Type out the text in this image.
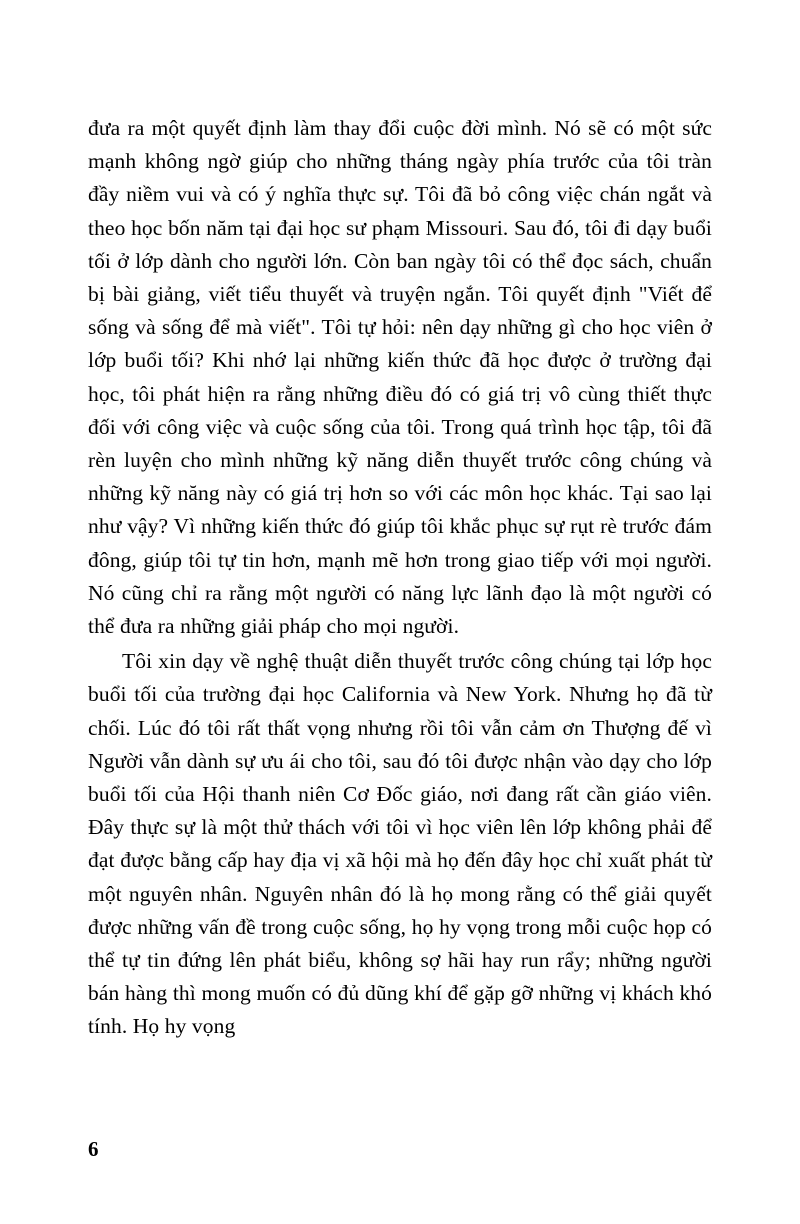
đưa ra một quyết định làm thay đổi cuộc đời mình. Nó sẽ có một sức mạnh không ngờ giúp cho những tháng ngày phía trước của tôi tràn đầy niềm vui và có ý nghĩa thực sự. Tôi đã bỏ công việc chán ngắt và theo học bốn năm tại đại học sư phạm Missouri. Sau đó, tôi đi dạy buổi tối ở lớp dành cho người lớn. Còn ban ngày tôi có thể đọc sách, chuẩn bị bài giảng, viết tiểu thuyết và truyện ngắn. Tôi quyết định "Viết để sống và sống để mà viết". Tôi tự hỏi: nên dạy những gì cho học viên ở lớp buổi tối? Khi nhớ lại những kiến thức đã học được ở trường đại học, tôi phát hiện ra rằng những điều đó có giá trị vô cùng thiết thực đối với công việc và cuộc sống của tôi. Trong quá trình học tập, tôi đã rèn luyện cho mình những kỹ năng diễn thuyết trước công chúng và những kỹ năng này có giá trị hơn so với các môn học khác. Tại sao lại như vậy? Vì những kiến thức đó giúp tôi khắc phục sự rụt rè trước đám đông, giúp tôi tự tin hơn, mạnh mẽ hơn trong giao tiếp với mọi người. Nó cũng chỉ ra rằng một người có năng lực lãnh đạo là một người có thể đưa ra những giải pháp cho mọi người.

Tôi xin dạy về nghệ thuật diễn thuyết trước công chúng tại lớp học buổi tối của trường đại học California và New York. Nhưng họ đã từ chối. Lúc đó tôi rất thất vọng nhưng rồi tôi vẫn cảm ơn Thượng đế vì Người vẫn dành sự ưu ái cho tôi, sau đó tôi được nhận vào dạy cho lớp buổi tối của Hội thanh niên Cơ Đốc giáo, nơi đang rất cần giáo viên. Đây thực sự là một thử thách với tôi vì học viên lên lớp không phải để đạt được bằng cấp hay địa vị xã hội mà họ đến đây học chỉ xuất phát từ một nguyên nhân. Nguyên nhân đó là họ mong rằng có thể giải quyết được những vấn đề trong cuộc sống, họ hy vọng trong mỗi cuộc họp có thể tự tin đứng lên phát biểu, không sợ hãi hay run rẩy; những người bán hàng thì mong muốn có đủ dũng khí để gặp gỡ những vị khách khó tính. Họ hy vọng

6
